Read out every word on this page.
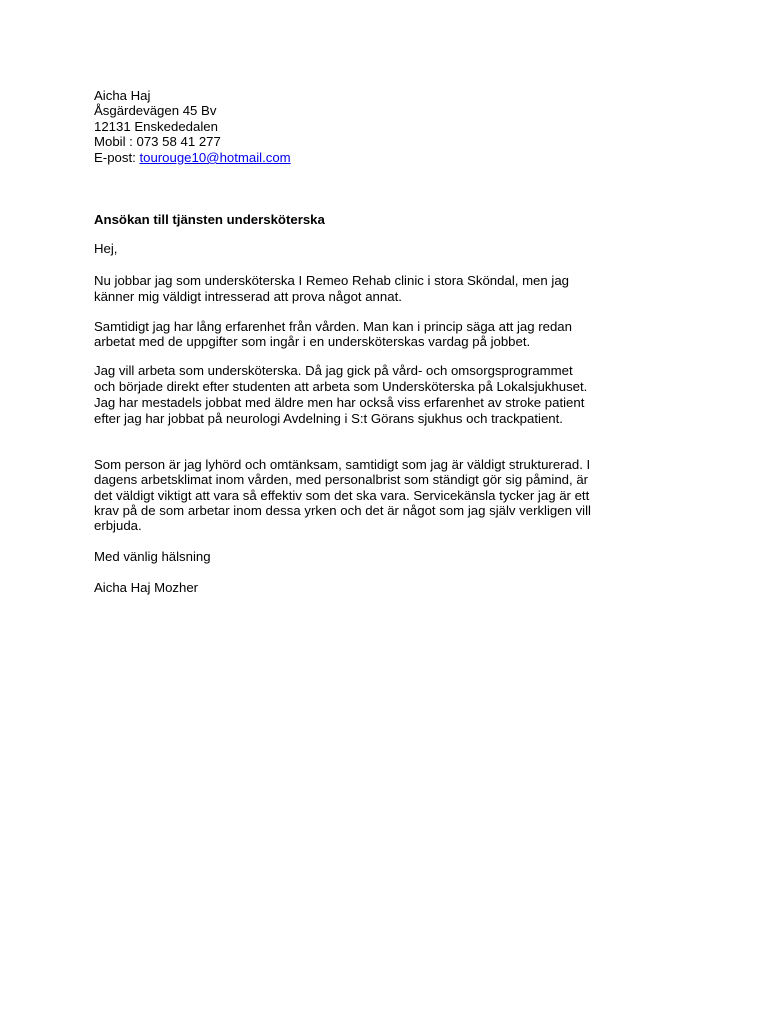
Aicha Haj

Åsgärdevägen 45 Bv

12131 Enskededalen

Mobil : 073 58 41 277

E-post: tourouge10@hotmail.com

Ansökan till tjänsten undersköterska

Hej,

Nu jobbar jag som undersköterska I Remeo Rehab clinic i stora Sköndal, men jag

känner mig väldigt intresserad att prova något annat.

Samtidigt jag har lång erfarenhet från vården. Man kan i princip säga att jag redan

arbetat med de uppgifter som ingår i en undersköterskas vardag på jobbet.

Jag vill arbeta som undersköterska. Då jag gick på vård- och omsorgsprogrammet

och började direkt efter studenten att arbeta som Undersköterska på Lokalsjukhuset.

Jag har mestadels jobbat med äldre men har också viss erfarenhet av stroke patient

efter jag har jobbat på neurologi Avdelning i S:t Görans sjukhus och trackpatient.

Som person är jag lyhörd och omtänksam, samtidigt som jag är väldigt strukturerad. I

dagens arbetsklimat inom vården, med personalbrist som ständigt gör sig påmind, är

det väldigt viktigt att vara så effektiv som det ska vara. Servicekänsla tycker jag är ett

krav på de som arbetar inom dessa yrken och det är något som jag själv verkligen vill

erbjuda.

Med vänlig hälsning

Aicha Haj Mozher
